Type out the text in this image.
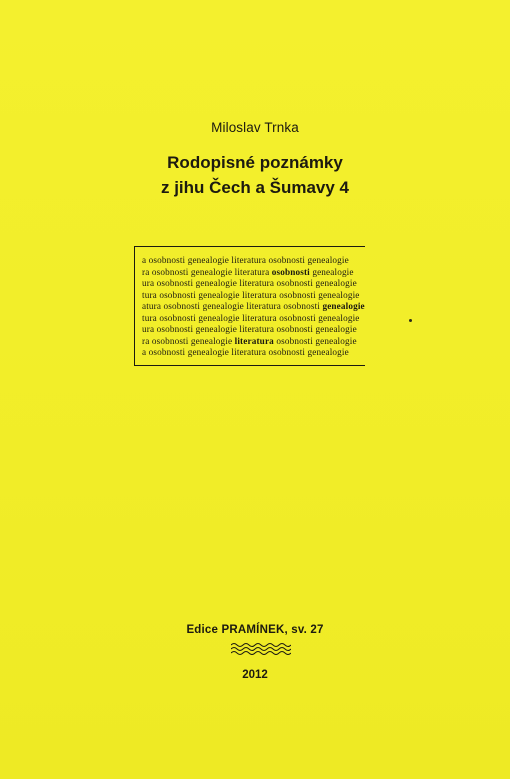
Miloslav Trnka
Rodopisné poznámky
z jihu Čech a Šumavy 4
a osobnosti genealogie literatura osobnosti genealogie
ra osobnosti genealogie literatura osobnosti genealogie
ura osobnosti genealogie literatura osobnosti genealogie
tura osobnosti genealogie literatura osobnosti genealogie
atura osobnosti genealogie literatura osobnosti genealogie
tura osobnosti genealogie literatura osobnosti genealogie
ura osobnosti genealogie literatura osobnosti genealogie
ra osobnosti genealogie literatura osobnosti genealogie
a osobnosti genealogie literatura osobnosti genealogie
Edice PRAMÍNEK, sv. 27
2012
